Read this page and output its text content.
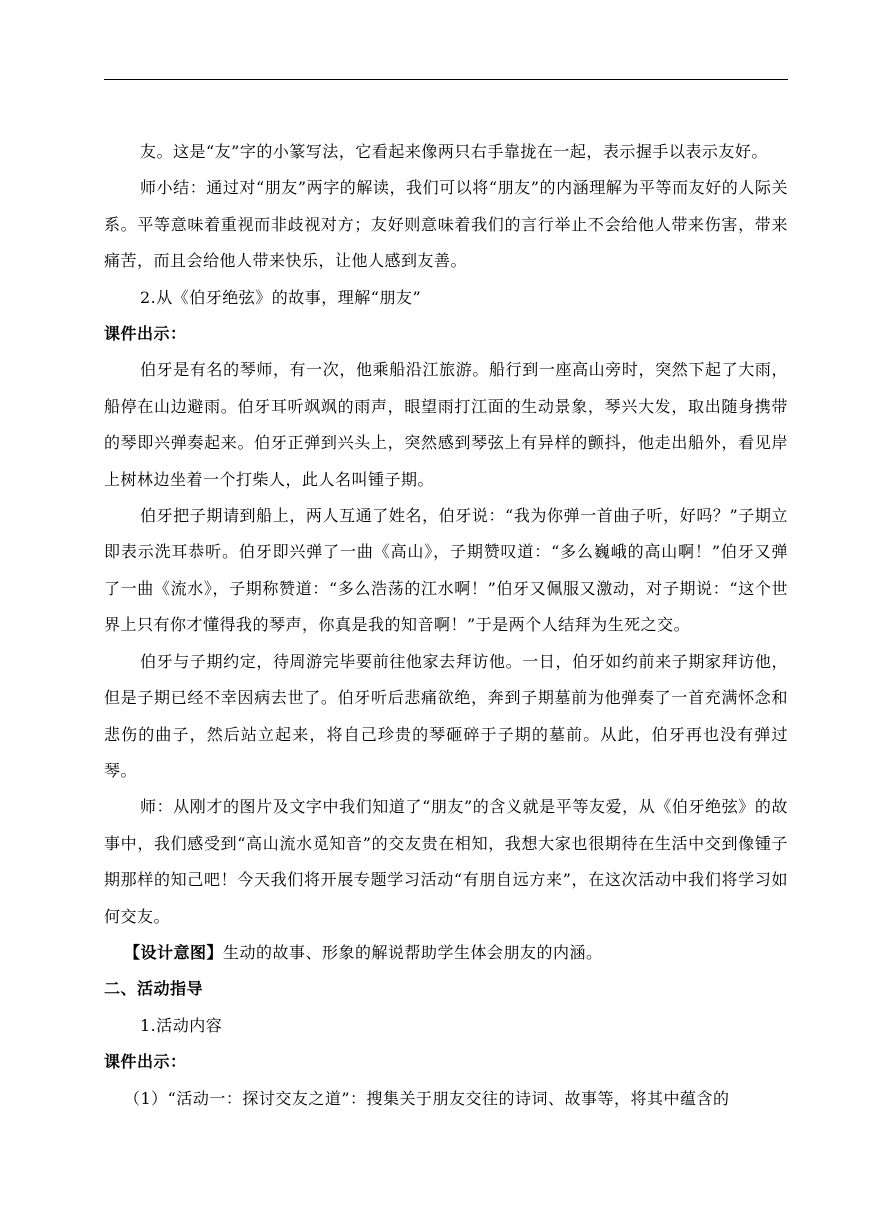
友。这是“友”字的小篆写法，它看起来像两只右手靠拢在一起，表示握手以表示友好。

师小结：通过对“朋友”两字的解读，我们可以将“朋友”的内涵理解为平等而友好的人际关系。平等意味着重视而非歧视对方；友好则意味着我们的言行举止不会给他人带来伤害，带来痛苦，而且会给他人带来快乐，让他人感到友善。

2.从《伯牙绝弦》的故事，理解“朋友”

课件出示：

伯牙是有名的琴师，有一次，他乘船沿江旅游。船行到一座高山旁时，突然下起了大雨，船停在山边避雨。伯牙耳听飒飒的雨声，眼望雨打江面的生动景象，琴兴大发，取出随身携带的琴即兴弹奏起来。伯牙正弹到兴头上，突然感到琴弦上有异样的颤抖，他走出船外，看见岸上树林边坐着一个打柴人，此人名叫锺子期。

伯牙把子期请到船上，两人互通了姓名，伯牙说：“我为你弹一首曲子听，好吗？”子期立即表示洗耳恭听。伯牙即兴弹了一曲《高山》，子期赞叹道：“多么巍峨的高山啊！”伯牙又弹了一曲《流水》，子期称赞道：“多么浩荡的江水啊！”伯牙又佩服又激动，对子期说：“这个世界上只有你才懂得我的琴声，你真是我的知音啊！”于是两个人结拜为生死之交。

伯牙与子期约定，待周游完毕要前往他家去拜访他。一日，伯牙如约前来子期家拜访他，但是子期已经不幸因病去世了。伯牙听后悲痛欲绝，奔到子期墓前为他弹奏了一首充满怀念和悲伤的曲子，然后站立起来，将自己珍贵的琴砸碎于子期的墓前。从此，伯牙再也没有弹过琴。

师：从刚才的图片及文字中我们知道了“朋友”的含义就是平等友爱，从《伯牙绝弦》的故事中，我们感受到“高山流水觅知音”的交友贵在相知，我想大家也很期待在生活中交到像锺子期那样的知己吧！今天我们将开展专题学习活动“有朋自远方来”，在这次活动中我们将学习如何交友。

【设计意图】生动的故事、形象的解说帮助学生体会朋友的内涵。

二、活动指导

1.活动内容

课件出示：

（1）“活动一：探讨交友之道”：搜集关于朋友交往的诗词、故事等，将其中蕴含的
